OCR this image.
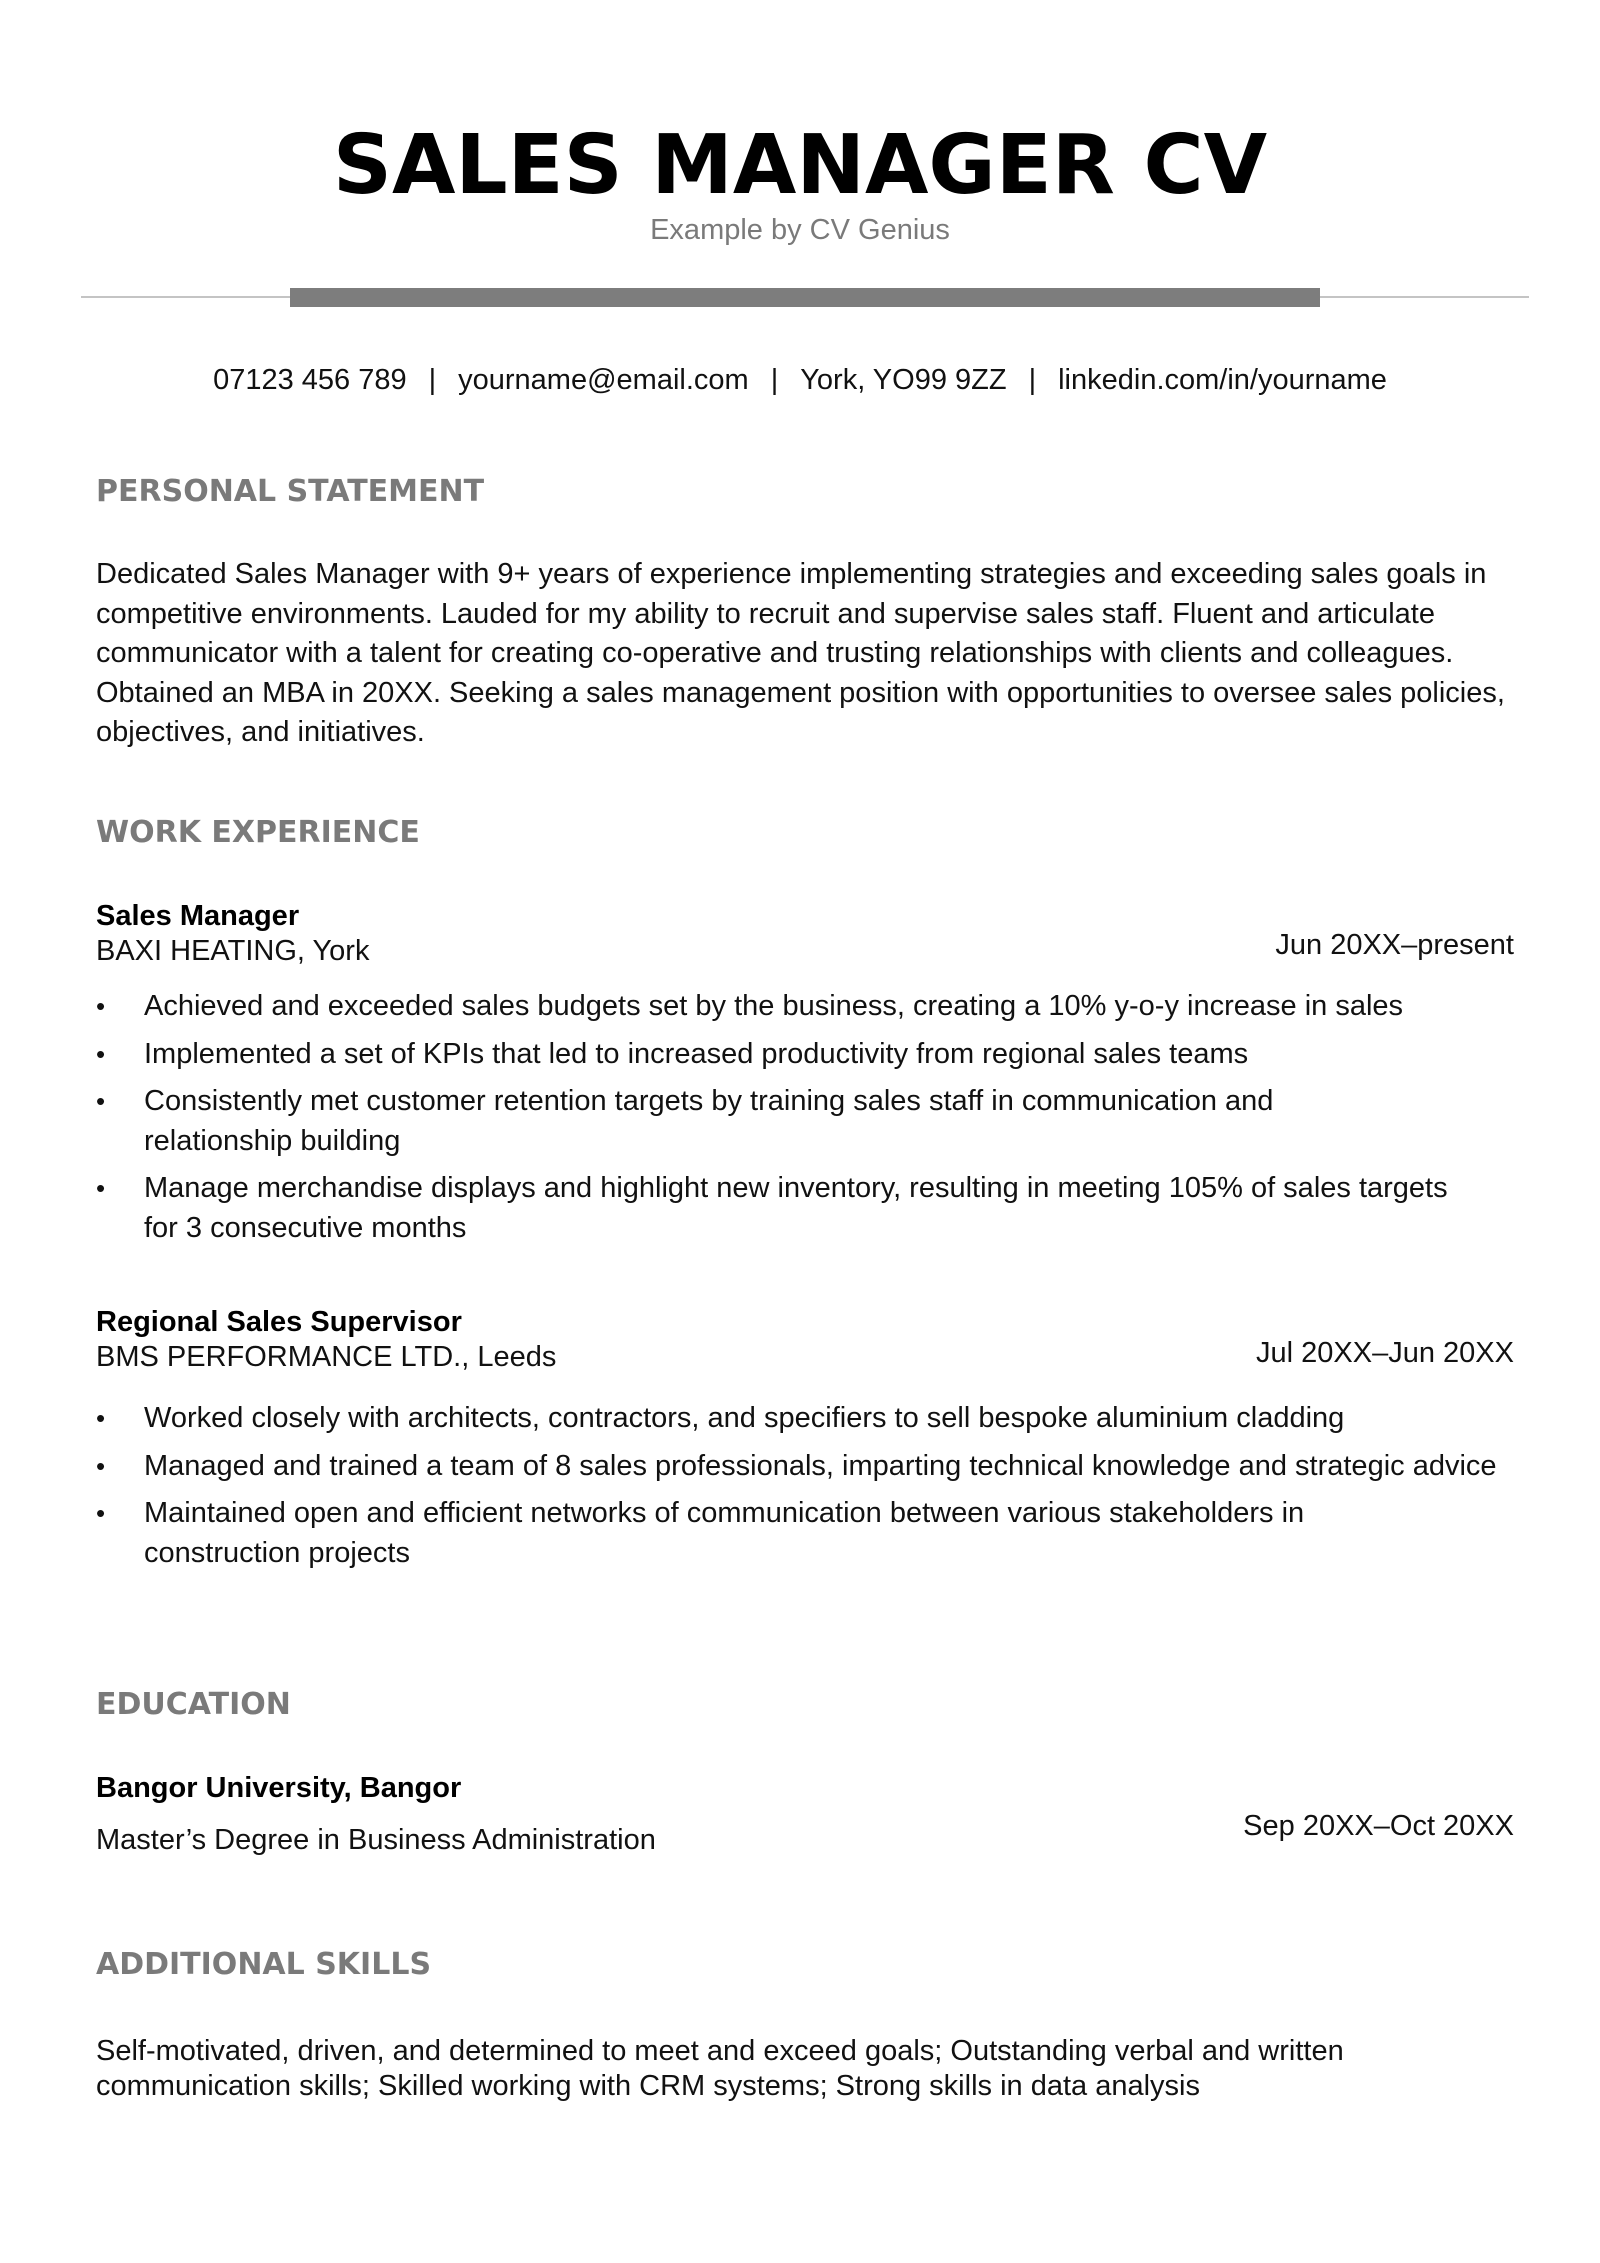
SALES MANAGER CV
Example by CV Genius
07123 456 789 | yourname@email.com | York, YO99 9ZZ | linkedin.com/in/yourname
PERSONAL STATEMENT

Dedicated Sales Manager with 9+ years of experience implementing strategies and exceeding sales goals in competitive environments. Lauded for my ability to recruit and supervise sales staff. Fluent and articulate communicator with a talent for creating co-operative and trusting relationships with clients and colleagues. Obtained an MBA in 20XX. Seeking a sales management position with opportunities to oversee sales policies, objectives, and initiatives.

WORK EXPERIENCE
Sales Manager
BAXI HEATING, York	Jun 20XX–present
•	Achieved and exceeded sales budgets set by the business, creating a 10% y-o-y increase in sales
•	Implemented a set of KPIs that led to increased productivity from regional sales teams
•	Consistently met customer retention targets by training sales staff in communication and relationship building
•	Manage merchandise displays and highlight new inventory, resulting in meeting 105% of sales targets for 3 consecutive months
Regional Sales Supervisor
BMS PERFORMANCE LTD., Leeds	Jul 20XX–Jun 20XX
•	Worked closely with architects, contractors, and specifiers to sell bespoke aluminium cladding
•	Managed and trained a team of 8 sales professionals, imparting technical knowledge and strategic advice
•	Maintained open and efficient networks of communication between various stakeholders in construction projects
EDUCATION
Bangor University, Bangor
Master’s Degree in Business Administration	Sep 20XX–Oct 20XX
ADDITIONAL SKILLS

Self-motivated, driven, and determined to meet and exceed goals; Outstanding verbal and written communication skills; Skilled working with CRM systems; Strong skills in data analysis
